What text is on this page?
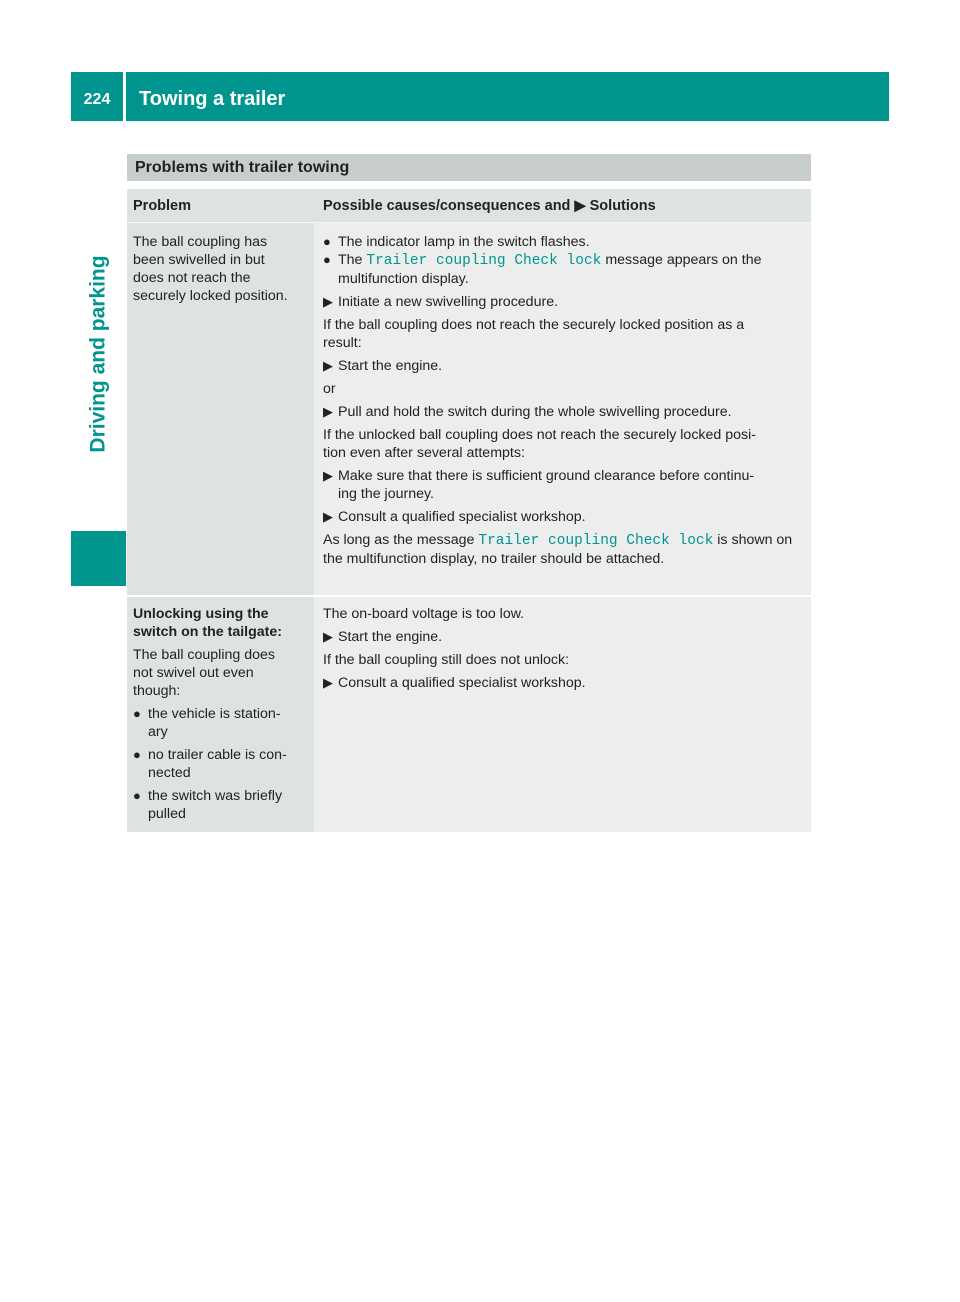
224	Towing a trailer
Driving and parking
Problems with trailer towing
Problem	Possible causes/consequences and ▶ Solutions

The ball coupling has

been swivelled in but

does not reach the

securely locked position.

● The indicator lamp in the switch flashes.
● The Trailer coupling Check lock message appears on the
multifunction display.
▶ Initiate a new swivelling procedure.

If the ball coupling does not reach the securely locked position as a
result:

▶ Start the engine.

or

▶ Pull and hold the switch during the whole swivelling procedure.

If the unlocked ball coupling does not reach the securely locked posi-
tion even after several attempts:

▶ Make sure that there is sufficient ground clearance before continu-
ing the journey.
▶ Consult a qualified specialist workshop.

As long as the message Trailer coupling Check lock is shown on
the multifunction display, no trailer should be attached.

Unlocking using the
switch on the tailgate:

The ball coupling does
not swivel out even
though:

● the vehicle is station-
ary
● no trailer cable is con-
nected
● the switch was briefly
pulled

The on-board voltage is too low.

▶ Start the engine.

If the ball coupling still does not unlock:

▶ Consult a qualified specialist workshop.
